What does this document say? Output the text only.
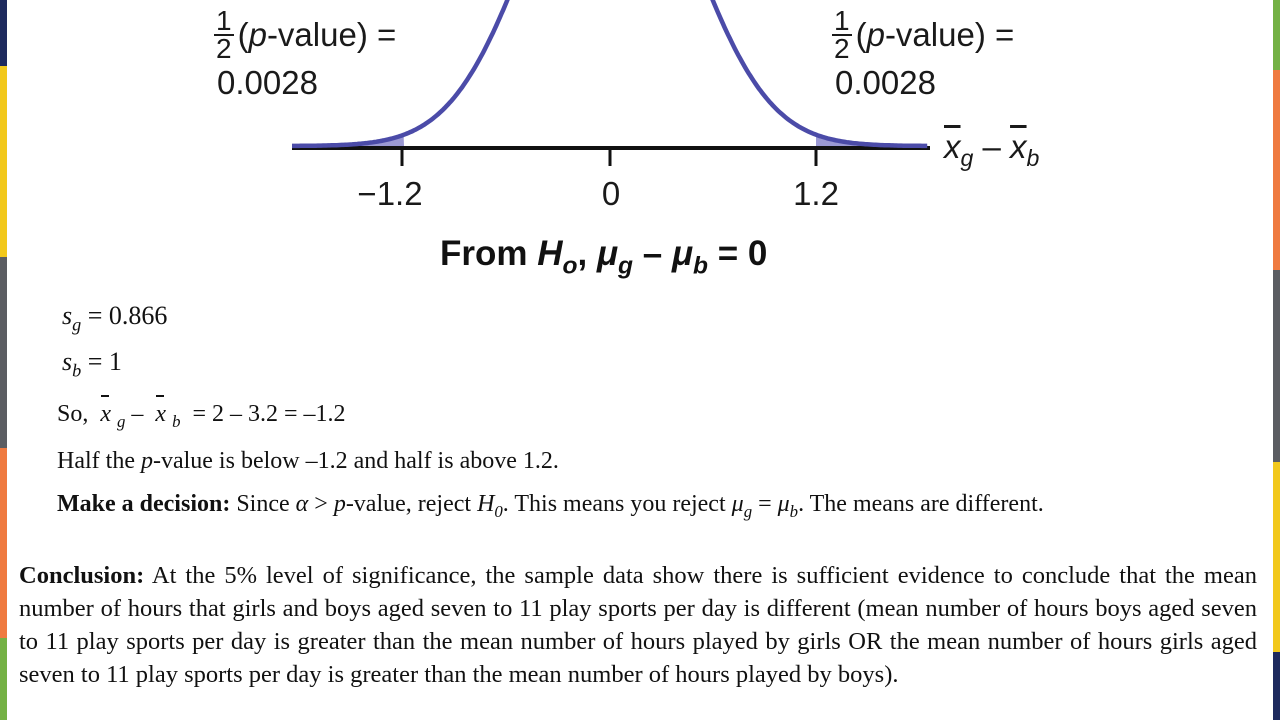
$\frac{1}{2}$ (p-value) =
0.0028
$\frac{1}{2}$ (p-value) =
0.0028
−1.2	0	1.2
$\overline{x}_g - \overline{x}_b$
From $H_o$, $\mu_g - \mu_b = 0$
$s_g = 0.866$
$s_b = 1$
So, x $_g$ –  x $_b$  = 2 – 3.2 = –1.2
Half the p-value is below –1.2 and half is above 1.2.
Make a decision: Since α > p-value, reject $H_0$. This means you reject $\mu_g = \mu_b$. The means are different.
Conclusion: At the 5% level of significance, the sample data show there is sufficient evidence to conclude that the mean number of hours that girls and boys aged seven to 11 play sports per day is different (mean number of hours boys aged seven to 11 play sports per day is greater than the mean number of hours played by girls OR the mean number of hours girls aged seven to 11 play sports per day is greater than the mean number of hours played by boys).
